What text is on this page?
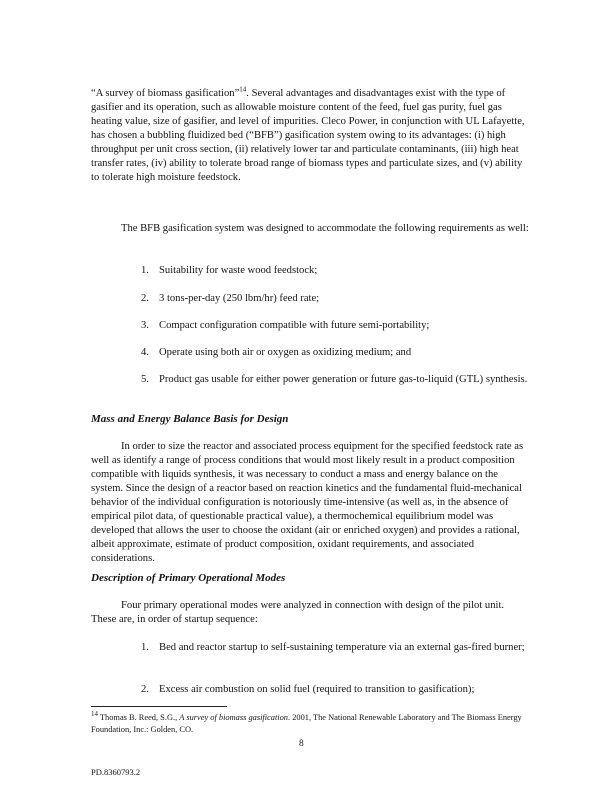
“A survey of biomass gasification”$^{14}$. Several advantages and disadvantages exist with the type of gasifier and its operation, such as allowable moisture content of the feed, fuel gas purity, fuel gas heating value, size of gasifier, and level of impurities. Cleco Power, in conjunction with UL Lafayette, has chosen a bubbling fluidized bed (“BFB”) gasification system owing to its advantages: (i) high throughput per unit cross section, (ii) relatively lower tar and particulate contaminants, (iii) high heat transfer rates, (iv) ability to tolerate broad range of biomass types and particulate sizes, and (v) ability to tolerate high moisture feedstock.

The BFB gasification system was designed to accommodate the following requirements as well:

1. Suitability for waste wood feedstock;
2. 3 tons-per-day (250 lbm/hr) feed rate;
3. Compact configuration compatible with future semi-portability;
4. Operate using both air or oxygen as oxidizing medium; and
5. Product gas usable for either power generation or future gas-to-liquid (GTL) synthesis.
Mass and Energy Balance Basis for Design

In order to size the reactor and associated process equipment for the specified feedstock rate as well as identify a range of process conditions that would most likely result in a product composition compatible with liquids synthesis, it was necessary to conduct a mass and energy balance on the system. Since the design of a reactor based on reaction kinetics and the fundamental fluid-mechanical behavior of the individual configuration is notoriously time-intensive (as well as, in the absence of empirical pilot data, of questionable practical value), a thermochemical equilibrium model was developed that allows the user to choose the oxidant (air or enriched oxygen) and provides a rational, albeit approximate, estimate of product composition, oxidant requirements, and associated considerations.

Description of Primary Operational Modes

Four primary operational modes were analyzed in connection with design of the pilot unit. These are, in order of startup sequence:

1. Bed and reactor startup to self-sustaining temperature via an external gas-fired burner;
2. Excess air combustion on solid fuel (required to transition to gasification);

$^{14}$ Thomas B. Reed, S.G., A survey of biomass gasification. 2001, The National Renewable Laboratory and The Biomass Energy Foundation, Inc.: Golden, CO.

8
PD.8360793.2
